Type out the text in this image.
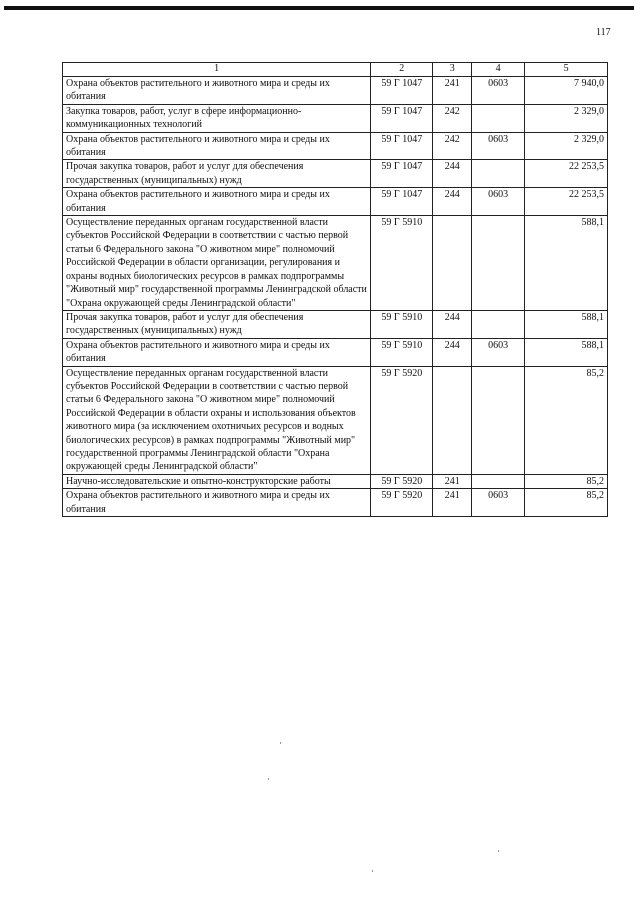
117
1	2	3	4	5
Охрана объектов растительного и животного мира и среды их обитания	59 Г 1047	241	0603	7 940,0
Закупка товаров, работ, услуг в сфере информационно-коммуникационных технологий	59 Г 1047	242		2 329,0
Охрана объектов растительного и животного мира и среды их обитания	59 Г 1047	242	0603	2 329,0
Прочая закупка товаров, работ и услуг для обеспечения государственных (муниципальных) нужд	59 Г 1047	244		22 253,5
Охрана объектов растительного и животного мира и среды их обитания	59 Г 1047	244	0603	22 253,5
Осуществление переданных органам государственной власти субъектов Российской Федерации в соответствии с частью первой статьи 6 Федерального закона "О животном мире" полномочий Российской Федерации в области организации, регулирования и охраны водных биологических ресурсов в рамках подпрограммы "Животный мир" государственной программы Ленинградской области "Охрана окружающей среды Ленинградской области"	59 Г 5910			588,1
Прочая закупка товаров, работ и услуг для обеспечения государственных (муниципальных) нужд	59 Г 5910	244		588,1
Охрана объектов растительного и животного мира и среды их обитания	59 Г 5910	244	0603	588,1
Осуществление переданных органам государственной власти субъектов Российской Федерации в соответствии с частью первой статьи 6 Федерального закона "О животном мире" полномочий Российской Федерации в области охраны и использования объектов животного мира (за исключением охотничьих ресурсов и водных биологических ресурсов) в рамках подпрограммы "Животный мир" государственной программы Ленинградской области "Охрана окружающей среды Ленинградской области"	59 Г 5920			85,2
Научно-исследовательские и опытно-конструкторские работы	59 Г 5920	241		85,2
Охрана объектов растительного и животного мира и среды их обитания	59 Г 5920	241	0603	85,2
